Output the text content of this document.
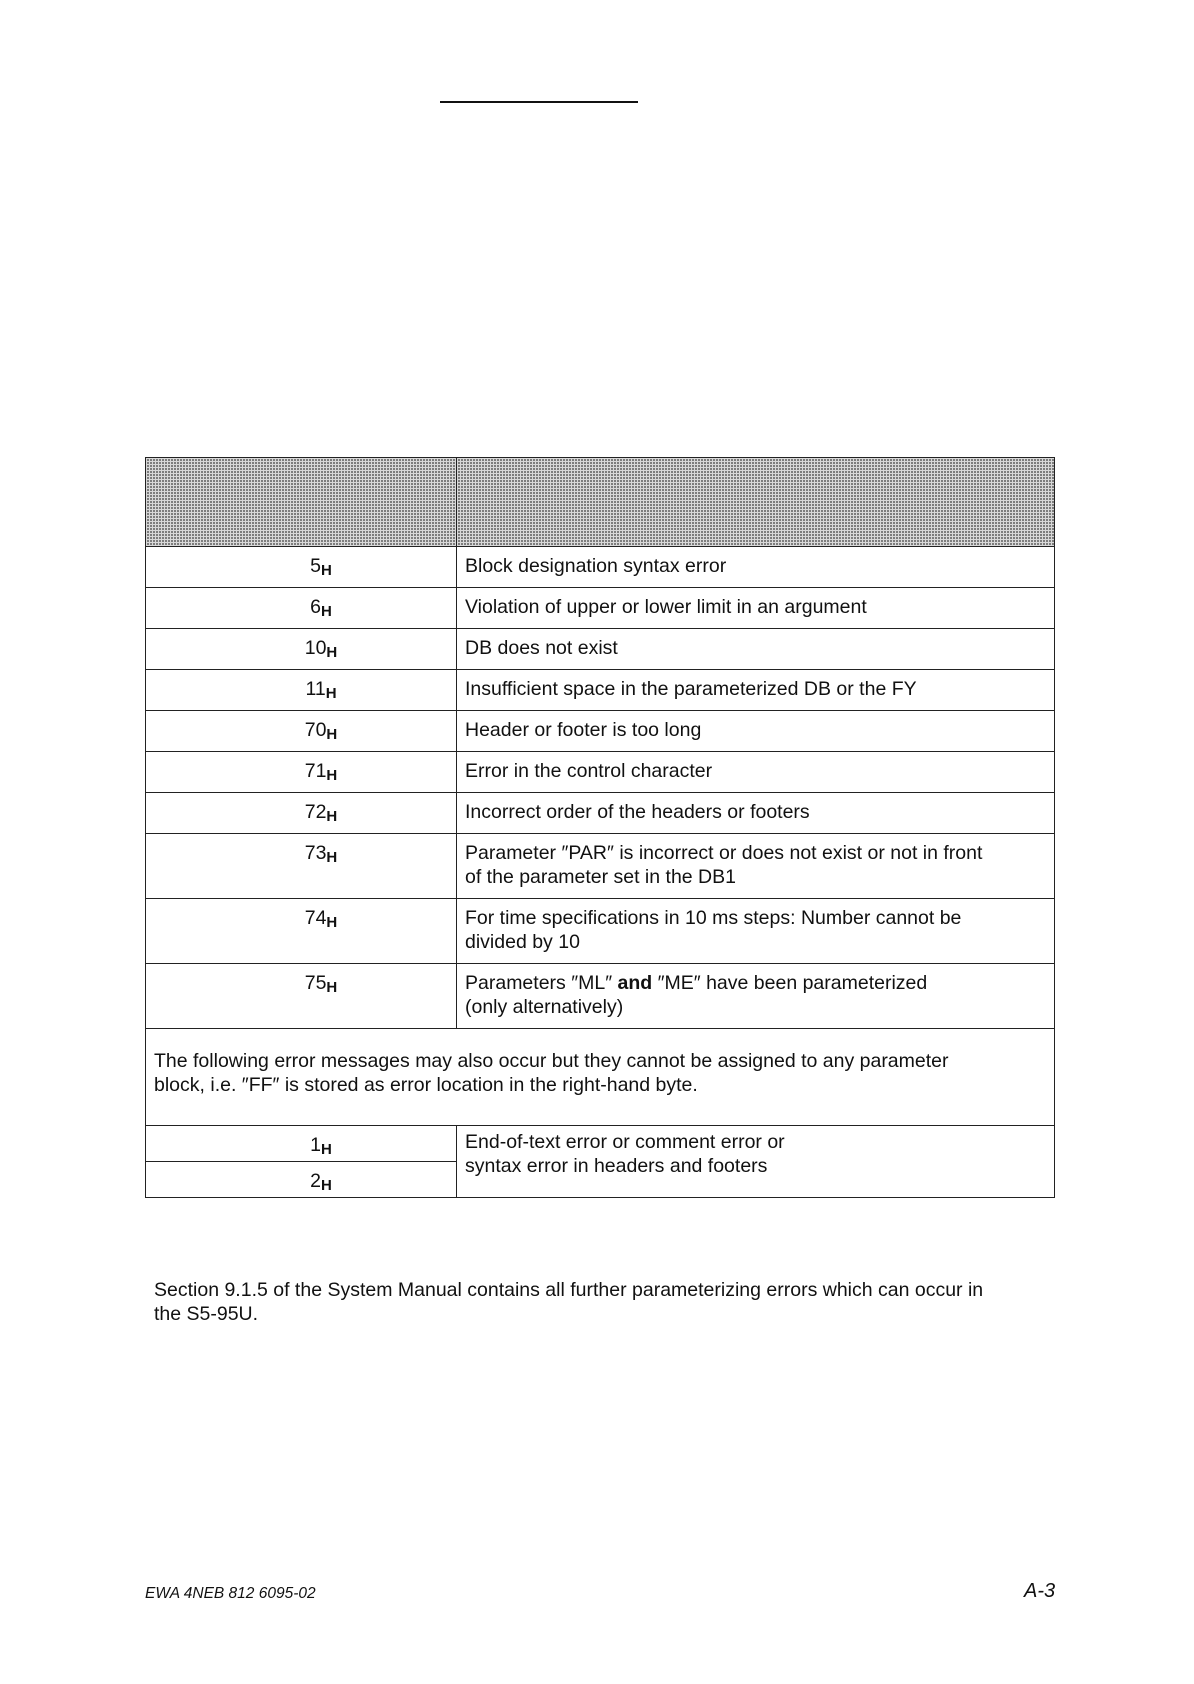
$5_H$	Block designation syntax error
$6_H$	Violation of upper or lower limit in an argument
$10_H$	DB does not exist
$11_H$	Insufficient space in the parameterized DB or the FY
$70_H$	Header or footer is too long
$71_H$	Error in the control character
$72_H$	Incorrect order of the headers or footers
$73_H$	Parameter ″PAR″ is incorrect or does not exist or not in front
of the parameter set in the DB1
$74_H$	For time specifications in 10 ms steps: Number cannot be
divided by 10
$75_H$	Parameters ″ML″ and ″ME″ have been parameterized
(only alternatively)
The following error messages may also occur but they cannot be assigned to any parameter
block, i.e. ″FF″ is stored as error location in the right-hand byte.	
$1_H$	End-of-text error or comment error or
syntax error in headers and footers
$2_H$
Section 9.1.5 of the System Manual contains all further parameterizing errors which can occur in
the S5-95U.
EWA 4NEB 812 6095-02	A-3
